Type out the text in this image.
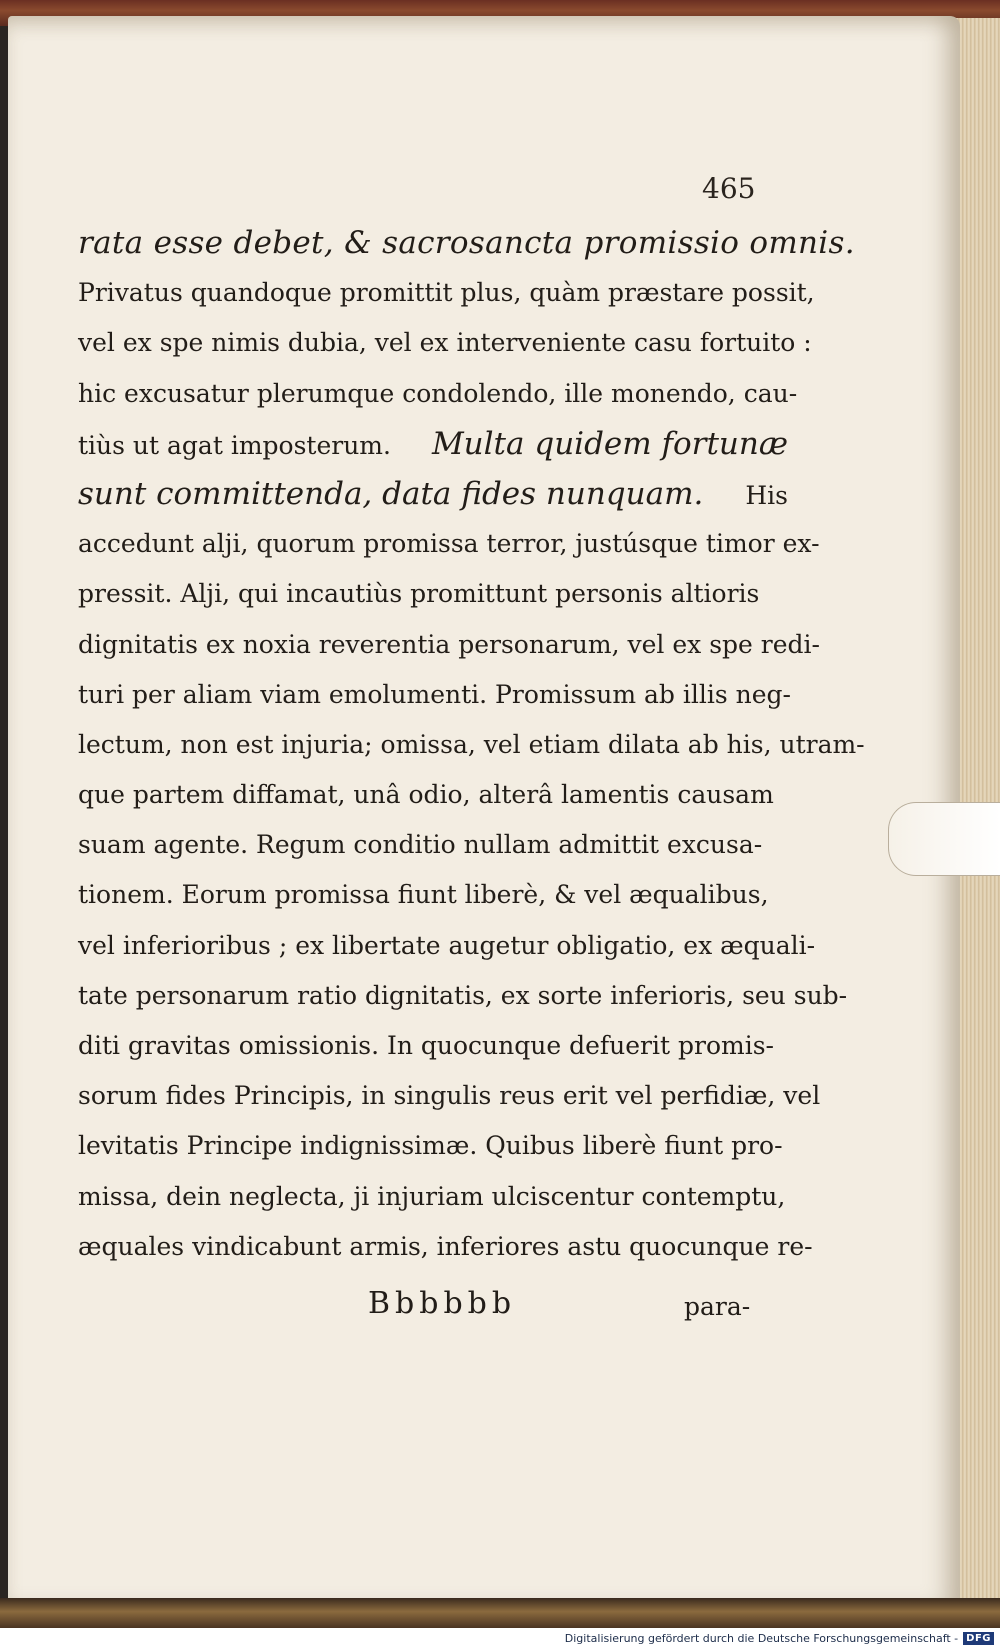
465
rata esse debet, & sacrosancta promissio omnis.
Privatus quandoque promittit plus, quàm præstare possit,
vel ex spe nimis dubia, vel ex interveniente casu fortuito :
hic excusatur plerumque condolendo, ille monendo, cau-
tiùs ut agat imposterum. Multa quidem fortunæ
sunt committenda, data fides nunquam. His
accedunt alji, quorum promissa terror, justúsque timor ex-
pressit. Alji, qui incautiùs promittunt personis altioris
dignitatis ex noxia reverentia personarum, vel ex spe redi-
turi per aliam viam emolumenti. Promissum ab illis neg-
lectum, non est injuria; omissa, vel etiam dilata ab his, utram-
que partem diffamat, unâ odio, alterâ lamentis causam
suam agente. Regum conditio nullam admittit excusa-
tionem. Eorum promissa fiunt liberè, & vel æqualibus,
vel inferioribus ; ex libertate augetur obligatio, ex æquali-
tate personarum ratio dignitatis, ex sorte inferioris, seu sub-
diti gravitas omissionis. In quocunque defuerit promis-
sorum fides Principis, in singulis reus erit vel perfidiæ, vel
levitatis Principe indignissimæ. Quibus liberè fiunt pro-
missa, dein neglecta, ji injuriam ulciscentur contemptu,
æquales vindicabunt armis, inferiores astu quocunque re-
Bbbbbb	para-
Digitalisierung gefördert durch die Deutsche Forschungsgemeinschaft - DFG
